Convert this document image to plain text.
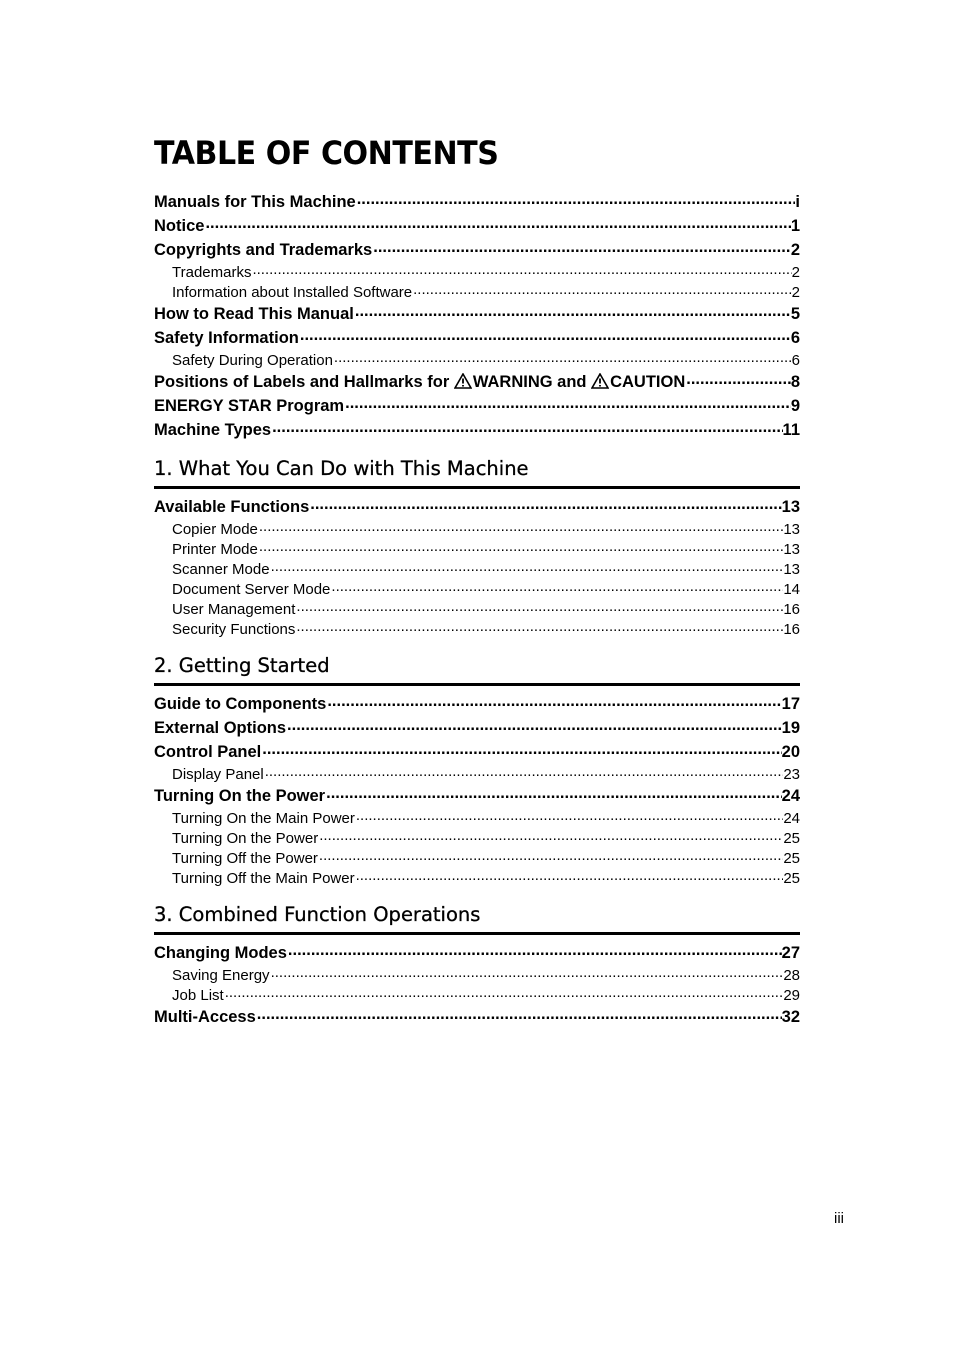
TABLE OF CONTENTS
Manuals for This Machine .....	i
Notice .....	1
Copyrights and Trademarks .....	2
Trademarks .....	2
Information about Installed Software .....	2
How to Read This Manual .....	5
Safety Information .....	6
Safety During Operation .....	6
Positions of Labels and Hallmarks for WARNING and CAUTION .....	8
ENERGY STAR Program .....	9
Machine Types .....	11
1. What You Can Do with This Machine
Available Functions .....	13
Copier Mode .....	13
Printer Mode .....	13
Scanner Mode .....	13
Document Server Mode .....	14
User Management .....	16
Security Functions .....	16
2. Getting Started
Guide to Components .....	17
External Options .....	19
Control Panel .....	20
Display Panel .....	23
Turning On the Power .....	24
Turning On the Main Power .....	24
Turning On the Power .....	25
Turning Off the Power .....	25
Turning Off the Main Power .....	25
3. Combined Function Operations
Changing Modes .....	27
Saving Energy .....	28
Job List .....	29
Multi-Access .....	32
iii
